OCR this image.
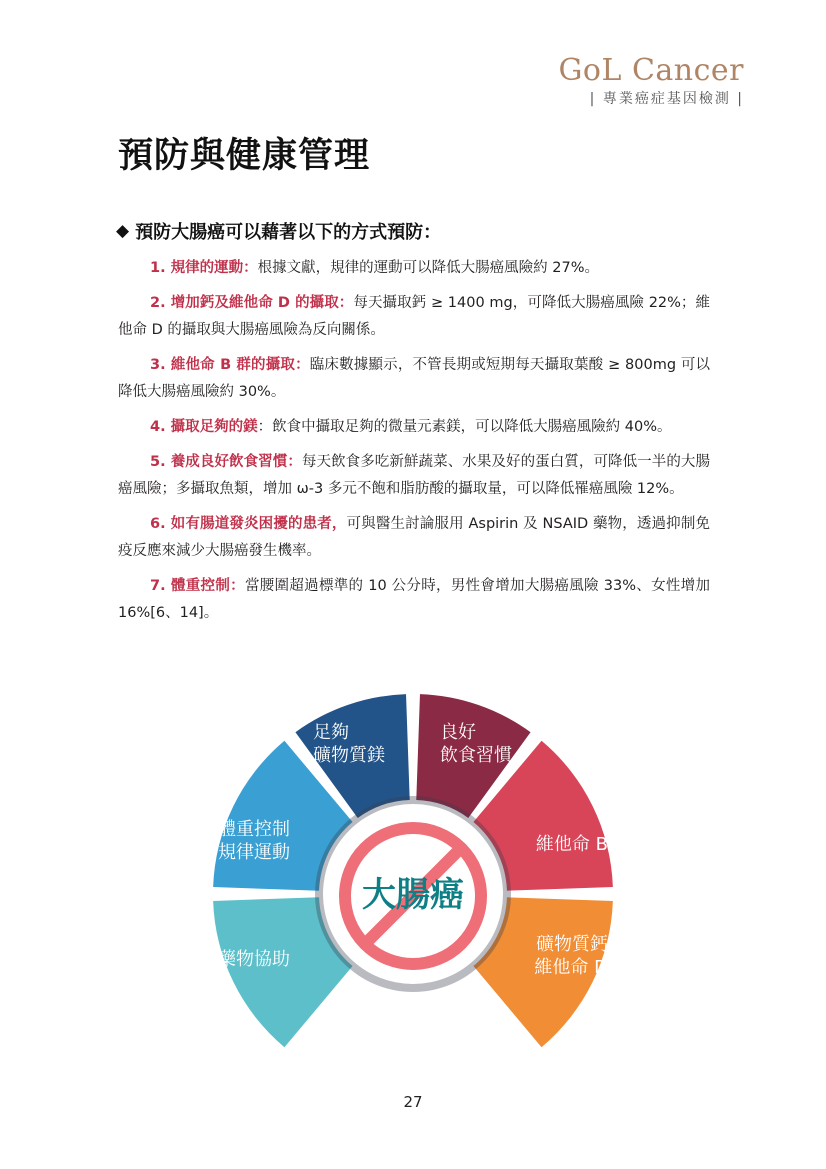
GoL Cancer
| 專業癌症基因檢測 |
預防與健康管理
◆ 預防大腸癌可以藉著以下的方式預防：

1. 規律的運動：根據文獻，規律的運動可以降低大腸癌風險約 27%。

2. 增加鈣及維他命 D 的攝取：每天攝取鈣 ≥ 1400 mg，可降低大腸癌風險 22%；維他命 D 的攝取與大腸癌風險為反向關係。

3. 維他命 B 群的攝取：臨床數據顯示，不管長期或短期每天攝取葉酸 ≥ 800mg 可以降低大腸癌風險約 30%。

4. 攝取足夠的鎂：飲食中攝取足夠的微量元素鎂，可以降低大腸癌風險約 40%。

5. 養成良好飲食習慣：每天飲食多吃新鮮蔬菜、水果及好的蛋白質，可降低一半的大腸癌風險；多攝取魚類，增加 ω-3 多元不飽和脂肪酸的攝取量，可以降低罹癌風險 12%。

6. 如有腸道發炎困擾的患者，可與醫生討論服用 Aspirin 及 NSAID 藥物，透過抑制免疫反應來減少大腸癌發生機率。

7. 體重控制：當腰圍超過標準的 10 公分時，男性會增加大腸癌風險 33%、女性增加 16%[6、14]。

大腸癌
藥物協助
體重控制規律運動
足夠礦物質鎂
良好飲食習慣
維他命 B
礦物質鈣維他命 D
27
